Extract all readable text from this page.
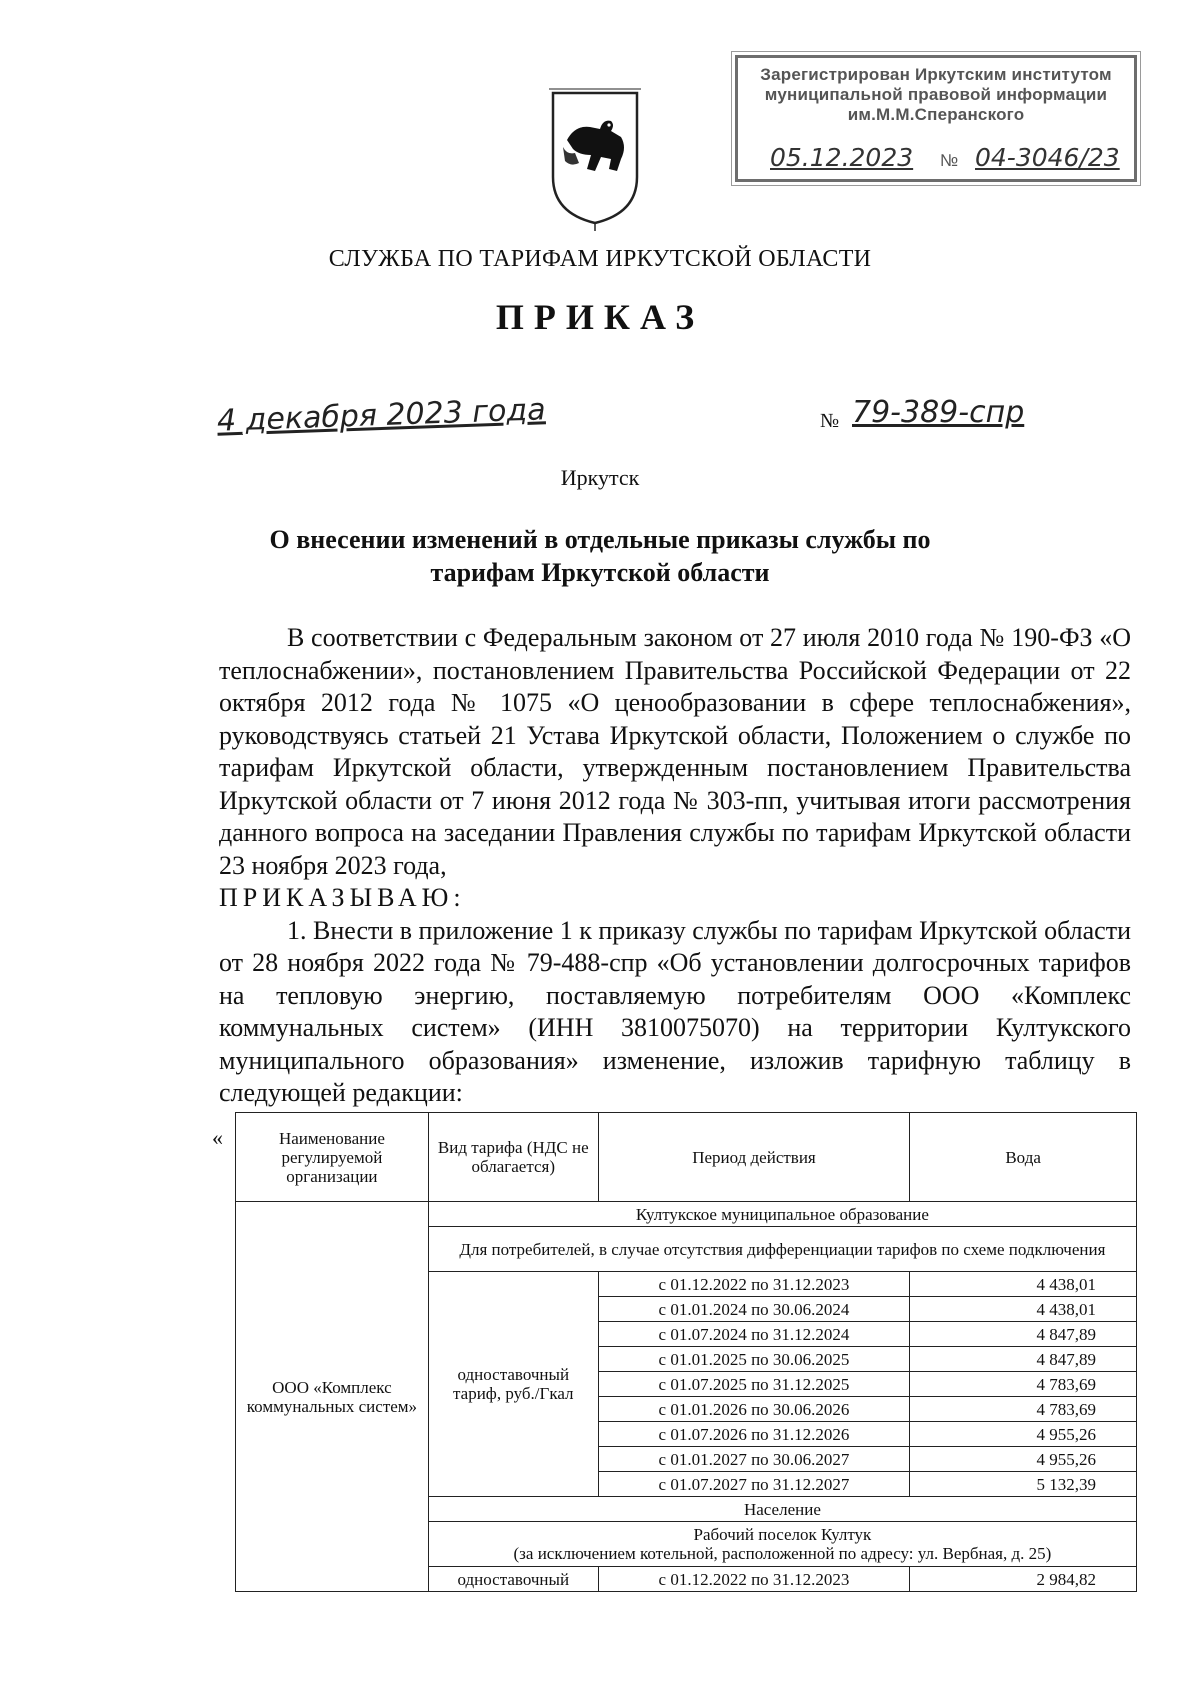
Зарегистрирован Иркутским институтом
муниципальной правовой информации
им.М.М.Сперанского
05.12.2023 № 04-3046/23
СЛУЖБА ПО ТАРИФАМ ИРКУТСКОЙ ОБЛАСТИ
ПРИКАЗ
4 декабря 2023 года	№ 79-389-спр
Иркутск
О внесении изменений в отдельные приказы службы по тарифам Иркутской области

В соответствии с Федеральным законом от 27 июля 2010 года № 190-ФЗ «О теплоснабжении», постановлением Правительства Российской Федерации от 22 октября 2012 года № 1075 «О ценообразовании в сфере теплоснабжения», руководствуясь статьей 21 Устава Иркутской области, Положением о службе по тарифам Иркутской области, утвержденным постановлением Правительства Иркутской области от 7 июня 2012 года № 303-пп, учитывая итоги рассмотрения данного вопроса на заседании Правления службы по тарифам Иркутской области 23 ноября 2023 года,

ПРИКАЗЫВАЮ:

1. Внести в приложение 1 к приказу службы по тарифам Иркутской области от 28 ноября 2022 года № 79-488-спр «Об установлении долгосрочных тарифов на тепловую энергию, поставляемую потребителям ООО «Комплекс коммунальных систем» (ИНН 3810075070) на территории Култукского муниципального образования» изменение, изложив тарифную таблицу в следующей редакции:

«	Наименование регулируемой организации	Вид тарифа (НДС не облагается)	Период действия	Вода
ООО «Комплекс коммунальных систем»	Култукское муниципальное образование		
	Для потребителей, в случае отсутствия дифференциации тарифов по схеме подключения		
	одноставочный тариф, руб./Гкал	с 01.12.2022 по 31.12.2023	4 438,01
		с 01.01.2024 по 30.06.2024	4 438,01
		с 01.07.2024 по 31.12.2024	4 847,89
		с 01.01.2025 по 30.06.2025	4 847,89
		с 01.07.2025 по 31.12.2025	4 783,69
		с 01.01.2026 по 30.06.2026	4 783,69
		с 01.07.2026 по 31.12.2026	4 955,26
		с 01.01.2027 по 30.06.2027	4 955,26
		с 01.07.2027 по 31.12.2027	5 132,39
	Население		

	Рабочий поселок Култук
(за исключением котельной, расположенной по адресу: ул. Вербная, д. 25)		

	одноставочный	с 01.12.2022 по 31.12.2023	2 984,82
